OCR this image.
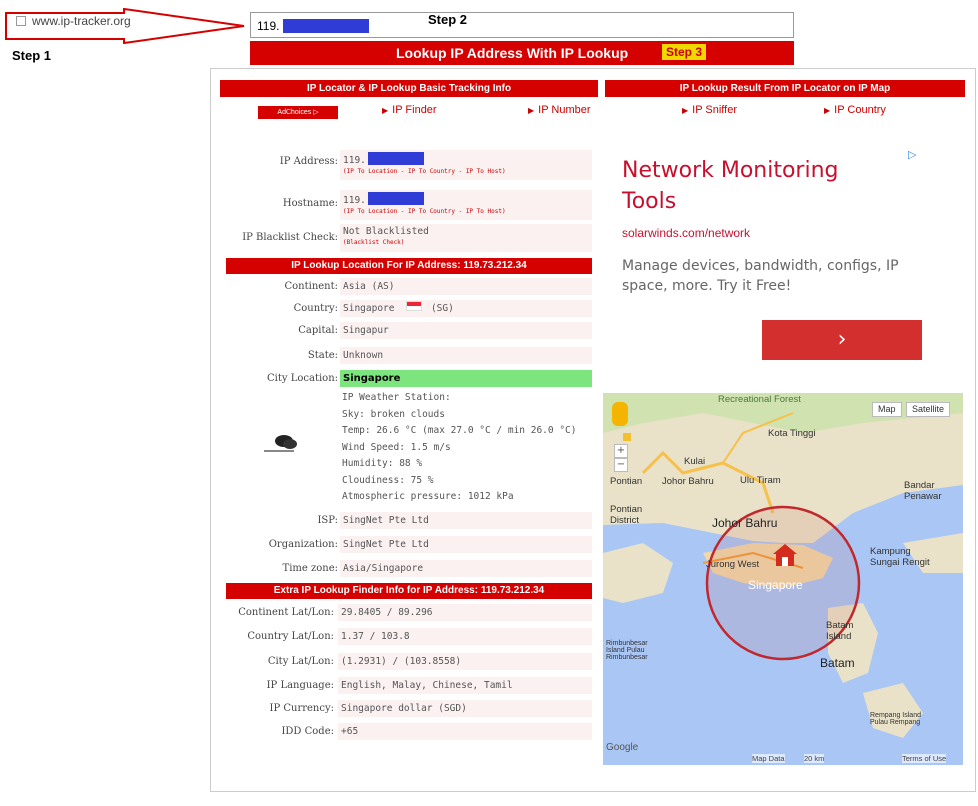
www.ip-tracker.org
Step 1
119.	Step 2
Lookup IP Address With IP Lookup	Step 3
IP Locator & IP Lookup Basic Tracking Info	IP Lookup Result From IP Locator on IP Map
AdChoices ▷	▶ IP Finder	▶ IP Number	▶ IP Sniffer	▶ IP Country
IP Address: 119.
(IP To Location - IP To Country - IP To Host)
Hostname: 119.
(IP To Location - IP To Country - IP To Host)
IP Blacklist Check:
Not Blacklisted
(Blacklist Check)
IP Lookup Location For IP Address: 119.73.212.34
Continent: Asia (AS)
Country: Singapore	(SG)
Capital: Singapur
State: Unknown
City Location: Singapore
IP Weather Station:
Sky: broken clouds
Temp: 26.6 °C (max 27.0 °C / min 26.0 °C)
Wind Speed: 1.5 m/s
Humidity: 88 %
Cloudiness: 75 %
Atmospheric pressure: 1012 kPa
ISP: SingNet Pte Ltd
Organization: SingNet Pte Ltd
Time zone: Asia/Singapore
Extra IP Lookup Finder Info for IP Address: 119.73.212.34
Continent Lat/Lon: 29.8405 / 89.296
Country Lat/Lon: 1.37 / 103.8
City Lat/Lon: (1.2931) / (103.8558)
IP Language: English, Malay, Chinese, Tamil
IP Currency: Singapore dollar (SGD)
IDD Code: +65
▷
Network Monitoring Tools
solarwinds.com/network
Manage devices, bandwidth, configs, IP space, more. Try it Free!
›
Map	Satellite
+
−
Recreational Forest
Kota Tinggi
Kulai
Pontian Johor Bahru	Ulu Tiram	Bandar Penawar
Pontian District	Johor Bahru
Jurong West
Singapore
Kampung Sungai Rengit
Batam Island
Batam
Rimbunbesar Island Pulau Rimbunbesar
Rempang Island Pulau Rempang
Google
Map Data	20 km	Terms of Use
